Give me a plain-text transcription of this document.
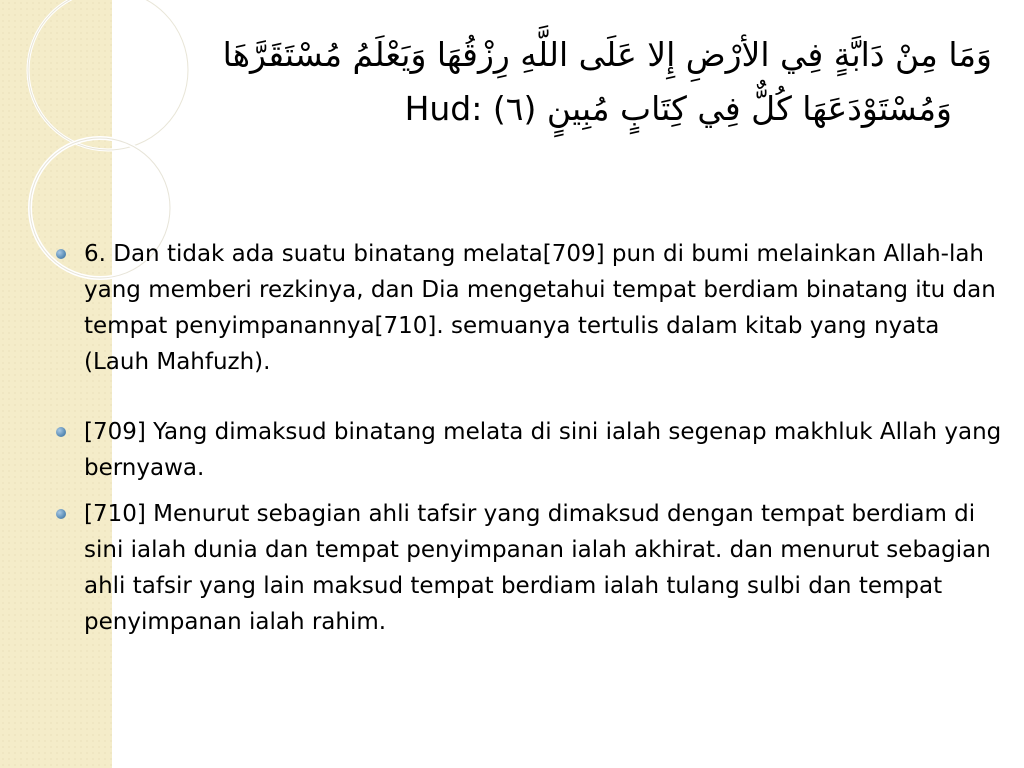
وَمَا مِنْ دَابَّةٍ فِي الأرْضِ إِلا عَلَى اللَّهِ رِزْقُهَا وَيَعْلَمُ مُسْتَقَرَّهَا
وَمُسْتَوْدَعَهَا كُلٌّ فِي كِتَابٍ مُبِينٍ (٦) Hud:
6. Dan tidak ada suatu binatang melata[709] pun di bumi melainkan Allah-lah yang memberi rezkinya, dan Dia mengetahui tempat berdiam binatang itu dan tempat penyimpanannya[710]. semuanya tertulis dalam kitab yang nyata (Lauh Mahfuzh).
[709] Yang dimaksud binatang melata di sini ialah segenap makhluk Allah yang bernyawa.
[710] Menurut sebagian ahli tafsir yang dimaksud dengan tempat berdiam di sini ialah dunia dan tempat penyimpanan ialah akhirat. dan menurut sebagian ahli tafsir yang lain maksud tempat berdiam ialah tulang sulbi dan tempat penyimpanan ialah rahim.
